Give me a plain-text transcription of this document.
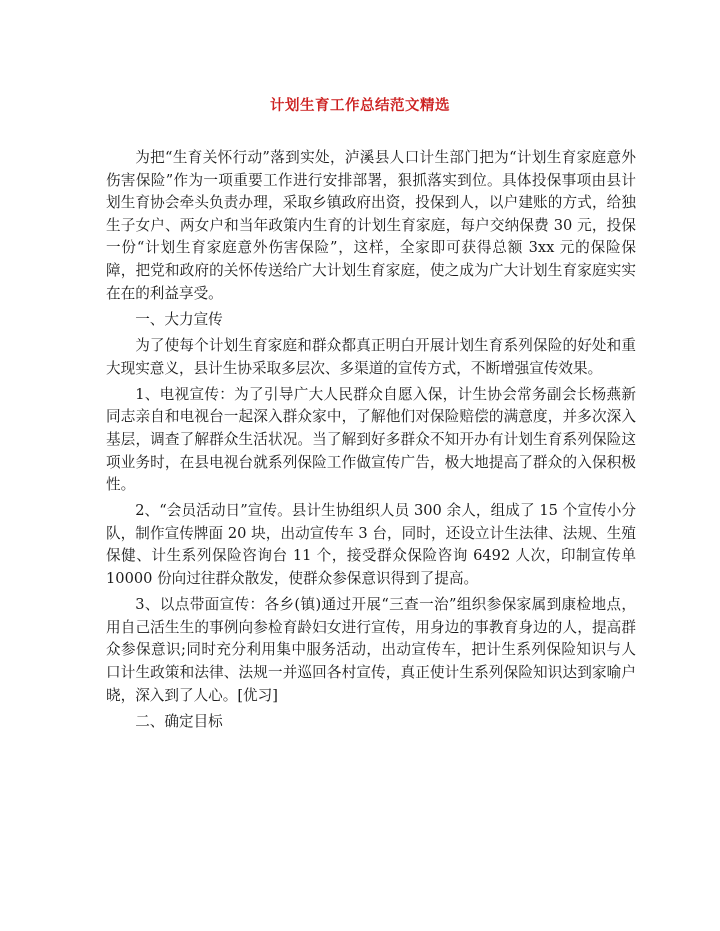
计划生育工作总结范文精选

为把“生育关怀行动”落到实处，泸溪县人口计生部门把为“计划生育家庭意外伤害保险”作为一项重要工作进行安排部署，狠抓落实到位。具体投保事项由县计划生育协会牵头负责办理，采取乡镇政府出资，投保到人，以户建账的方式，给独生子女户、两女户和当年政策内生育的计划生育家庭，每户交纳保费 30 元，投保一份“计划生育家庭意外伤害保险”，这样，全家即可获得总额 3xx 元的保险保障，把党和政府的关怀传送给广大计划生育家庭，使之成为广大计划生育家庭实实在在的利益享受。

一、大力宣传

为了使每个计划生育家庭和群众都真正明白开展计划生育系列保险的好处和重大现实意义，县计生协采取多层次、多渠道的宣传方式，不断增强宣传效果。

1、电视宣传：为了引导广大人民群众自愿入保，计生协会常务副会长杨燕新同志亲自和电视台一起深入群众家中，了解他们对保险赔偿的满意度，并多次深入基层，调查了解群众生活状况。当了解到好多群众不知开办有计划生育系列保险这项业务时，在县电视台就系列保险工作做宣传广告，极大地提高了群众的入保积极性。

2、“会员活动日”宣传。县计生协组织人员 300 余人，组成了 15 个宣传小分队，制作宣传牌面 20 块，出动宣传车 3 台，同时，还设立计生法律、法规、生殖保健、计生系列保险咨询台 11 个，接受群众保险咨询 6492 人次，印制宣传单 10000 份向过往群众散发，使群众参保意识得到了提高。

3、以点带面宣传：各乡(镇)通过开展“三查一治”组织参保家属到康检地点，用自己活生生的事例向参检育龄妇女进行宣传，用身边的事教育身边的人，提高群众参保意识;同时充分利用集中服务活动，出动宣传车，把计生系列保险知识与人口计生政策和法律、法规一并巡回各村宣传，真正使计生系列保险知识达到家喻户晓，深入到了人心。[优习]

二、确定目标
